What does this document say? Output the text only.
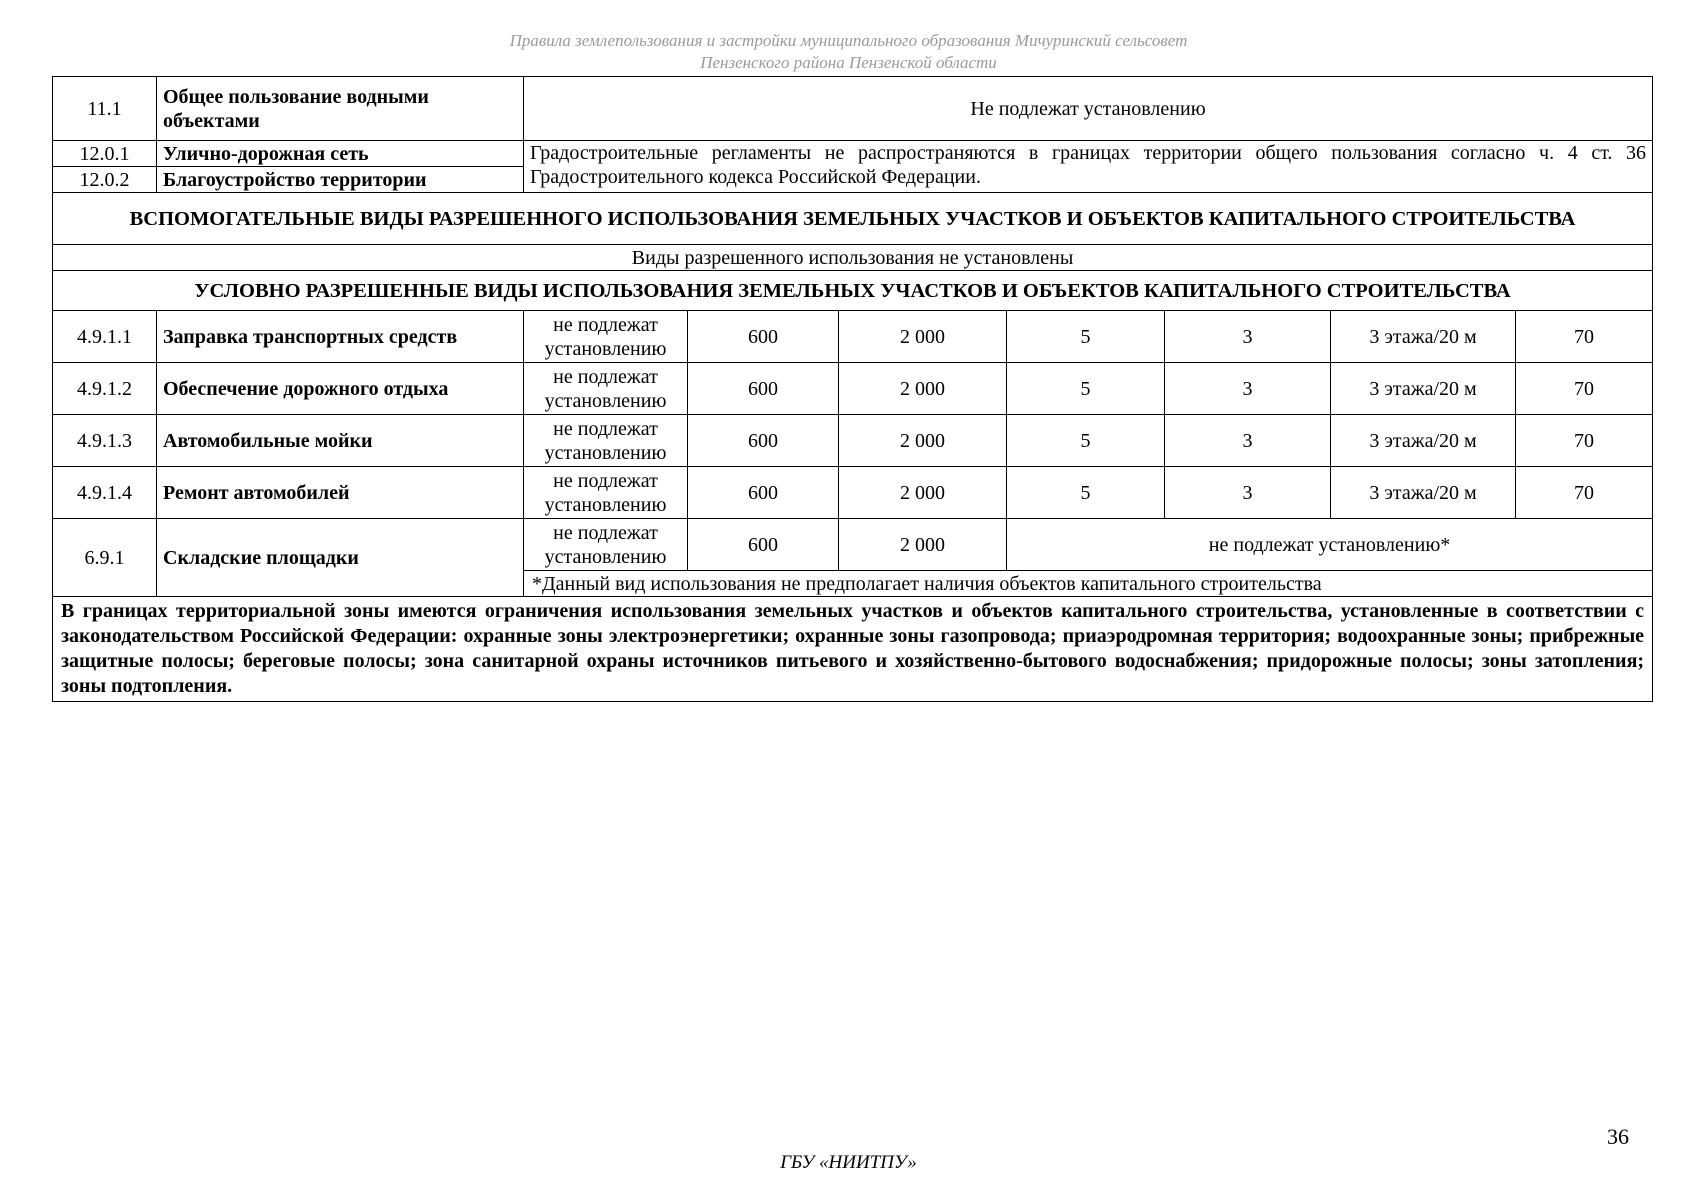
Правила землепользования и застройки муниципального образования Мичуринский сельсовет
Пензенского района Пензенской области
11.1	Общее пользование водными объектами	Не подлежат установлению						
12.0.1	Улично-дорожная сеть	Градостроительные регламенты не распространяются в границах территории общего пользования согласно ч. 4 ст. 36 Градостроительного кодекса Российской Федерации.						
12.0.2	Благоустройство территории							
ВСПОМОГАТЕЛЬНЫЕ ВИДЫ РАЗРЕШЕННОГО ИСПОЛЬЗОВАНИЯ ЗЕМЕЛЬНЫХ УЧАСТКОВ И ОБЪЕКТОВ КАПИТАЛЬНОГО СТРОИТЕЛЬСТВА								
Виды разрешенного использования не установлены								
УСЛОВНО РАЗРЕШЕННЫЕ ВИДЫ ИСПОЛЬЗОВАНИЯ ЗЕМЕЛЬНЫХ УЧАСТКОВ И ОБЪЕКТОВ КАПИТАЛЬНОГО СТРОИТЕЛЬСТВА								
4.9.1.1	Заправка транспортных средств	не подлежат установлению	600	2 000	5	3	3 этажа/20 м	70
4.9.1.2	Обеспечение дорожного отдыха	не подлежат установлению	600	2 000	5	3	3 этажа/20 м	70
4.9.1.3	Автомобильные мойки	не подлежат установлению	600	2 000	5	3	3 этажа/20 м	70
4.9.1.4	Ремонт автомобилей	не подлежат установлению	600	2 000	5	3	3 этажа/20 м	70
6.9.1	Складские площадки	не подлежат установлению	600	2 000	не подлежат установлению*			
		*Данный вид использования не предполагает наличия объектов капитального строительства						
В границах территориальной зоны имеются ограничения использования земельных участков и объектов капитального строительства, установленные в соответствии с законодательством Российской Федерации: охранные зоны электроэнергетики; охранные зоны газопровода; приаэродромная территория; водоохранные зоны; прибрежные защитные полосы; береговые полосы; зона санитарной охраны источников питьевого и хозяйственно-бытового водоснабжения; придорожные полосы; зоны затопления; зоны подтопления.								
36
ГБУ «НИИТПУ»
